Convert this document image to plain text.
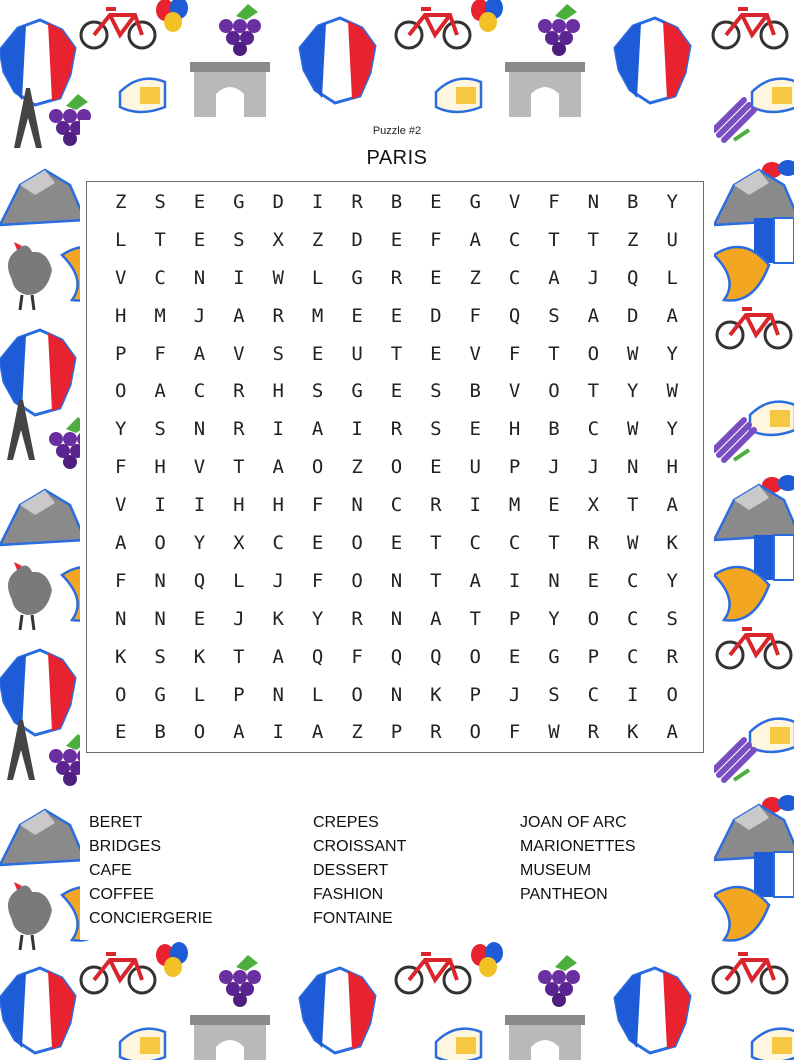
Puzzle #2
PARIS
Z	S	E	G	D	I	R	B	E	G	V	F	N	B	Y
L	T	E	S	X	Z	D	E	F	A	C	T	T	Z	U
V	C	N	I	W	L	G	R	E	Z	C	A	J	Q	L
H	M	J	A	R	M	E	E	D	F	Q	S	A	D	A
P	F	A	V	S	E	U	T	E	V	F	T	O	W	Y
O	A	C	R	H	S	G	E	S	B	V	O	T	Y	W
Y	S	N	R	I	A	I	R	S	E	H	B	C	W	Y
F	H	V	T	A	O	Z	O	E	U	P	J	J	N	H
V	I	I	H	H	F	N	C	R	I	M	E	X	T	A
A	O	Y	X	C	E	O	E	T	C	C	T	R	W	K
F	N	Q	L	J	F	O	N	T	A	I	N	E	C	Y
N	N	E	J	K	Y	R	N	A	T	P	Y	O	C	S
K	S	K	T	A	Q	F	Q	Q	O	E	G	P	C	R
O	G	L	P	N	L	O	N	K	P	J	S	C	I	O
E	B	O	A	I	A	Z	P	R	O	F	W	R	K	A
BERET
BRIDGES
CAFE
COFFEE
CONCIERGERIE
CREPES
CROISSANT
DESSERT
FASHION
FONTAINE
JOAN OF ARC
MARIONETTES
MUSEUM
PANTHEON
